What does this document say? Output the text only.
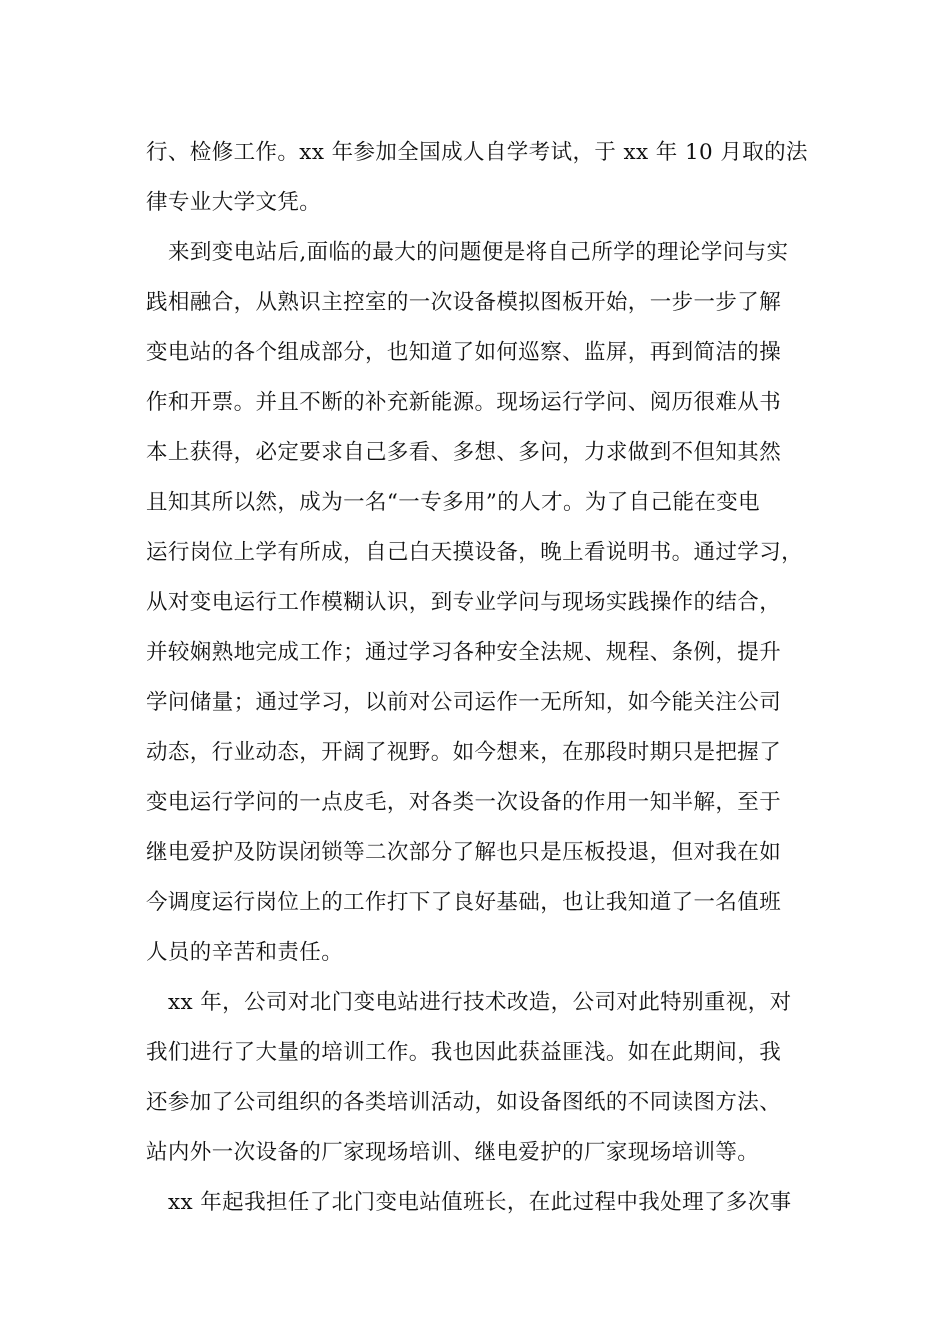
行、检修工作。xx 年参加全国成人自学考试，于 xx 年 10 月取的法
律专业大学文凭。
来到变电站后,面临的最大的问题便是将自己所学的理论学问与实
践相融合，从熟识主控室的一次设备模拟图板开始，一步一步了解
变电站的各个组成部分，也知道了如何巡察、监屏，再到简洁的操
作和开票。并且不断的补充新能源。现场运行学问、阅历很难从书
本上获得，必定要求自己多看、多想、多问，力求做到不但知其然
且知其所以然，成为一名“一专多用”的人才。为了自己能在变电
运行岗位上学有所成，自己白天摸设备，晚上看说明书。通过学习，
从对变电运行工作模糊认识，到专业学问与现场实践操作的结合，
并较娴熟地完成工作；通过学习各种安全法规、规程、条例，提升
学问储量；通过学习，以前对公司运作一无所知，如今能关注公司
动态，行业动态，开阔了视野。如今想来，在那段时期只是把握了
变电运行学问的一点皮毛，对各类一次设备的作用一知半解，至于
继电爱护及防误闭锁等二次部分了解也只是压板投退，但对我在如
今调度运行岗位上的工作打下了良好基础，也让我知道了一名值班
人员的辛苦和责任。
xx 年，公司对北门变电站进行技术改造，公司对此特别重视，对
我们进行了大量的培训工作。我也因此获益匪浅。如在此期间，我
还参加了公司组织的各类培训活动，如设备图纸的不同读图方法、
站内外一次设备的厂家现场培训、继电爱护的厂家现场培训等。
xx 年起我担任了北门变电站值班长，在此过程中我处理了多次事
